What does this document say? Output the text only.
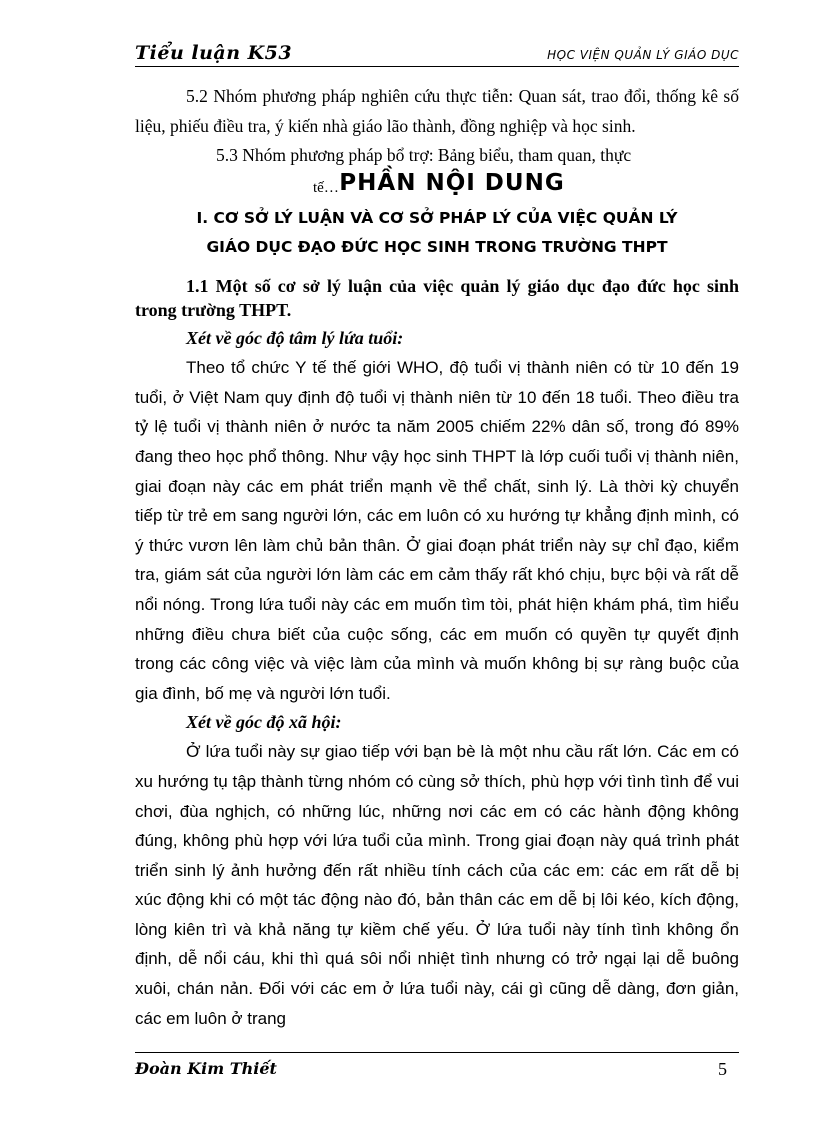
Tiểu luận K53	HỌC VIỆN QUẢN LÝ GIÁO DỤC

5.2 Nhóm phương pháp nghiên cứu thực tiễn: Quan sát, trao đổi, thống kê số liệu, phiếu điều tra, ý kiến nhà giáo lão thành, đồng nghiệp và học sinh.

5.3 Nhóm phương pháp bổ trợ: Bảng biểu, tham quan, thực
tế… PHẦN NỘI DUNG

I. CƠ SỞ LÝ LUẬN VÀ CƠ SỞ PHÁP LÝ CỦA VIỆC QUẢN LÝ

GIÁO DỤC ĐẠO ĐỨC HỌC SINH TRONG TRƯỜNG THPT

1.1 Một số cơ sở lý luận của việc quản lý giáo dục đạo đức học sinh trong trường THPT.

Xét về góc độ tâm lý lứa tuổi:

Theo tổ chức Y tế thế giới WHO, độ tuổi vị thành niên có từ 10 đến 19 tuổi, ở Việt Nam quy định độ tuổi vị thành niên từ 10 đến 18 tuổi. Theo điều tra tỷ lệ tuổi vị thành niên ở nước ta năm 2005 chiếm 22% dân số, trong đó 89% đang theo học phổ thông. Như vậy học sinh THPT là lớp cuối tuổi vị thành niên, giai đoạn này các em phát triển mạnh về thể chất, sinh lý. Là thời kỳ chuyển tiếp từ trẻ em sang người lớn, các em luôn có xu hướng tự khẳng định mình, có ý thức vươn lên làm chủ bản thân. Ở giai đoạn phát triển này sự chỉ đạo, kiểm tra, giám sát của người lớn làm các em cảm thấy rất khó chịu, bực bội và rất dễ nổi nóng. Trong lứa tuổi này các em muốn tìm tòi, phát hiện khám phá, tìm hiểu những điều chưa biết của cuộc sống, các em muốn có quyền tự quyết định trong các công việc và việc làm của mình và muốn không bị sự ràng buộc của gia đình, bố mẹ và người lớn tuổi.

Xét về góc độ xã hội:

Ở lứa tuổi này sự giao tiếp với bạn bè là một nhu cầu rất lớn. Các em có xu hướng tụ tập thành từng nhóm có cùng sở thích, phù hợp với tình tình để vui chơi, đùa nghịch, có những lúc, những nơi các em có các hành động không đúng, không phù hợp với lứa tuổi của mình. Trong giai đoạn này quá trình phát triển sinh lý ảnh hưởng đến rất nhiều tính cách của các em: các em rất dễ bị xúc động khi có một tác động nào đó, bản thân các em dễ bị lôi kéo, kích động, lòng kiên trì và khả năng tự kiềm chế yếu. Ở lứa tuổi này tính tình không ổn định, dễ nổi cáu, khi thì quá sôi nổi nhiệt tình nhưng có trở ngại lại dễ buông xuôi, chán nản. Đối với các em ở lứa tuổi này, cái gì cũng dễ dàng, đơn giản, các em luôn ở trang

Đoàn Kim Thiết	5
